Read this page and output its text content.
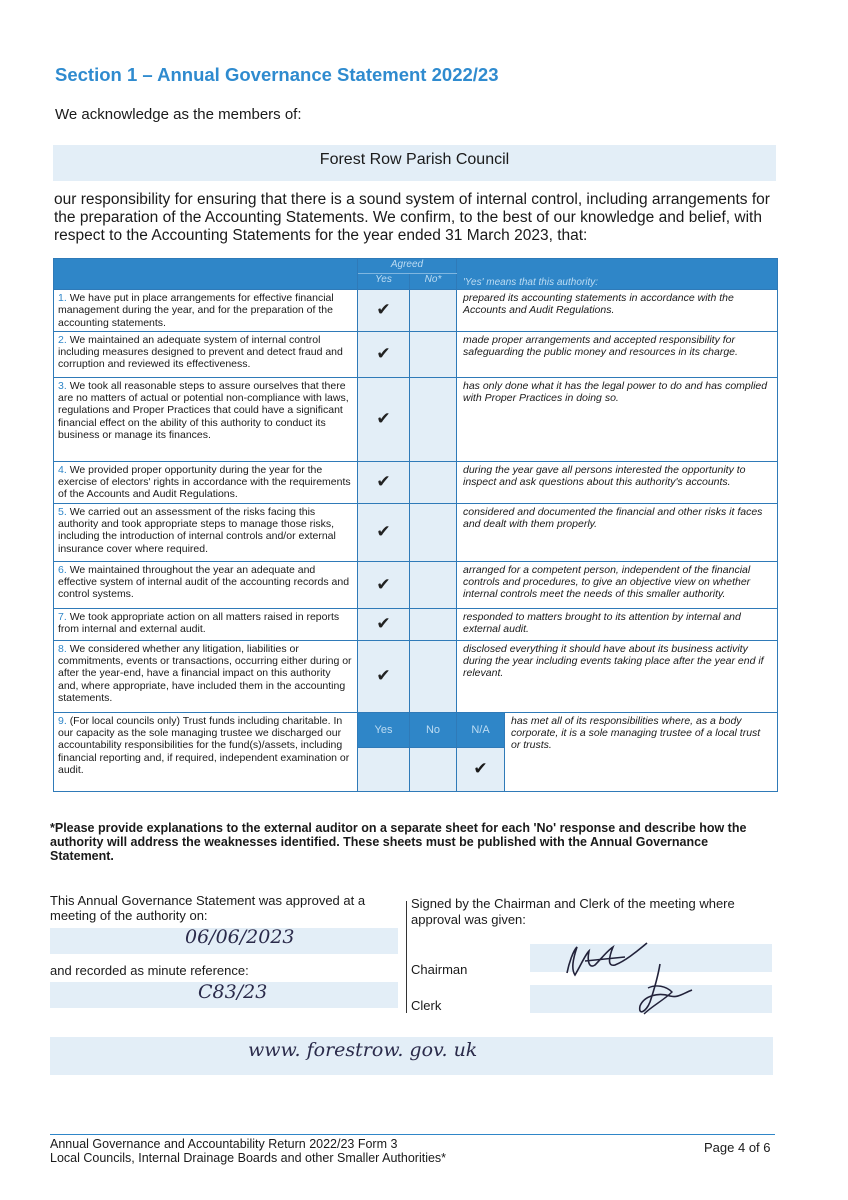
Section 1 – Annual Governance Statement 2022/23
We acknowledge as the members of:
Forest Row Parish Council
our responsibility for ensuring that there is a sound system of internal control, including arrangements for the preparation of the Accounting Statements. We confirm, to the best of our knowledge and belief, with respect to the Accounting Statements for the year ended 31 March 2023, that:
	Agreed		'Yes' means that this authority:	
	Yes	No*		
1. We have put in place arrangements for effective financial management during the year, and for the preparation of the accounting statements.	✔		prepared its accounting statements in accordance with the Accounts and Audit Regulations.	
2. We maintained an adequate system of internal control including measures designed to prevent and detect fraud and corruption and reviewed its effectiveness.	✔		made proper arrangements and accepted responsibility for safeguarding the public money and resources in its charge.	
3. We took all reasonable steps to assure ourselves that there are no matters of actual or potential non-compliance with laws, regulations and Proper Practices that could have a significant financial effect on the ability of this authority to conduct its business or manage its finances.	✔		has only done what it has the legal power to do and has complied with Proper Practices in doing so.	
4. We provided proper opportunity during the year for the exercise of electors' rights in accordance with the requirements of the Accounts and Audit Regulations.	✔		during the year gave all persons interested the opportunity to inspect and ask questions about this authority's accounts.	
5. We carried out an assessment of the risks facing this authority and took appropriate steps to manage those risks, including the introduction of internal controls and/or external insurance cover where required.	✔		considered and documented the financial and other risks it faces and dealt with them properly.	
6. We maintained throughout the year an adequate and effective system of internal audit of the accounting records and control systems.	✔		arranged for a competent person, independent of the financial controls and procedures, to give an objective view on whether internal controls meet the needs of this smaller authority.	
7. We took appropriate action on all matters raised in reports from internal and external audit.	✔		responded to matters brought to its attention by internal and external audit.	
8. We considered whether any litigation, liabilities or commitments, events or transactions, occurring either during or after the year-end, have a financial impact on this authority and, where appropriate, have included them in the accounting statements.	✔		disclosed everything it should have about its business activity during the year including events taking place after the year end if relevant.	
9. (For local councils only) Trust funds including charitable. In our capacity as the sole managing trustee we discharged our accountability responsibilities for the fund(s)/assets, including financial reporting and, if required, independent examination or audit.	Yes	No	N/A	has met all of its responsibilities where, as a body corporate, it is a sole managing trustee of a local trust or trusts.
			✔	
*Please provide explanations to the external auditor on a separate sheet for each 'No' response and describe how the authority will address the weaknesses identified. These sheets must be published with the Annual Governance Statement.
This Annual Governance Statement was approved at a meeting of the authority on:
06/06/2023
and recorded as minute reference:
C83/23
Signed by the Chairman and Clerk of the meeting where approval was given:
Chairman
Clerk
www. forestrow. gov. uk
Annual Governance and Accountability Return 2022/23 Form 3
Local Councils, Internal Drainage Boards and other Smaller Authorities*
Page 4 of 6
